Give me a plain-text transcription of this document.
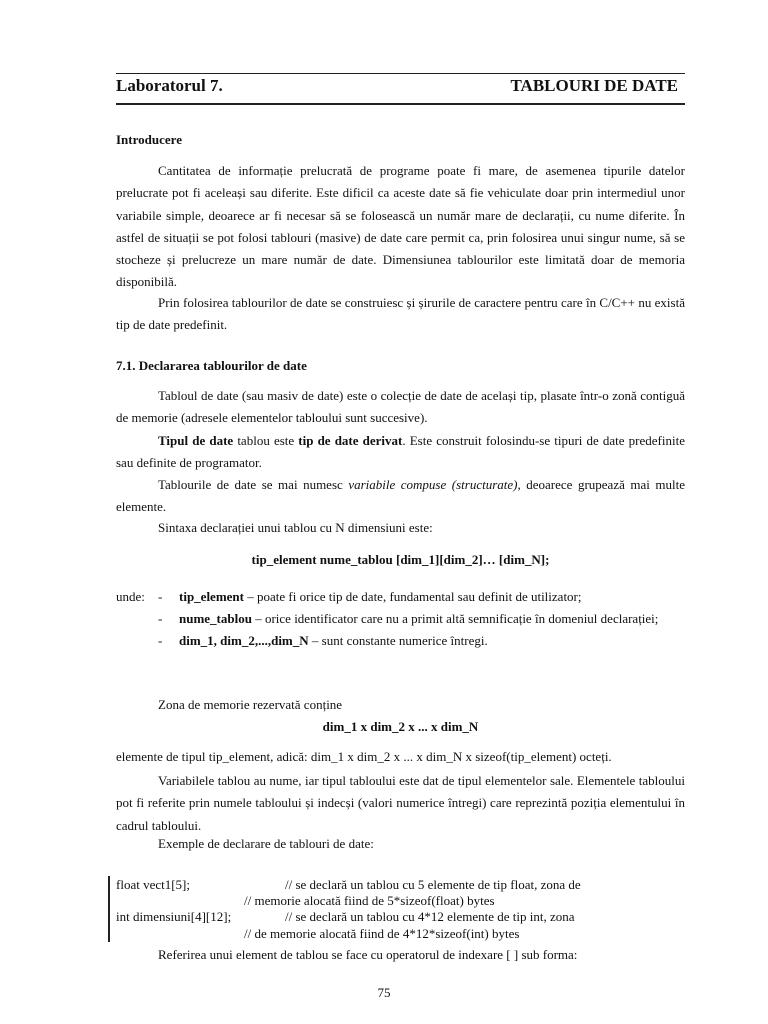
Laboratorul 7.	TABLOURI DE DATE
Introducere
Cantitatea de informație prelucrată de programe poate fi mare, de asemenea tipurile datelor prelucrate pot fi aceleași sau diferite. Este dificil ca aceste date să fie vehiculate doar prin intermediul unor variabile simple, deoarece ar fi necesar să se folosească un număr mare de declarații, cu nume diferite. În astfel de situații se pot folosi tablouri (masive) de date care permit ca, prin folosirea unui singur nume, să se stocheze și prelucreze un mare număr de date. Dimensiunea tablourilor este limitată doar de memoria disponibilă.
Prin folosirea tablourilor de date se construiesc și șirurile de caractere pentru care în C/C++ nu există tip de date predefinit.
7.1. Declararea tablourilor de date
Tabloul de date (sau masiv de date) este o colecție de date de același tip, plasate într-o zonă contiguă de memorie (adresele elementelor tabloului sunt succesive).
Tipul de date tablou este tip de date derivat. Este construit folosindu-se tipuri de date predefinite sau definite de programator.
Tablourile de date se mai numesc variabile compuse (structurate), deoarece grupează mai multe elemente.
Sintaxa declarației unui tablou cu N dimensiuni este:
tip_element nume_tablou [dim_1][dim_2]… [dim_N];
unde: - tip_element – poate fi orice tip de date, fundamental sau definit de utilizator;
- nume_tablou – orice identificator care nu a primit altă semnificație în domeniul declarației;
- dim_1, dim_2,...,dim_N – sunt constante numerice întregi.
Zona de memorie rezervată conține
dim_1 x dim_2 x ... x dim_N
elemente de tipul tip_element, adică: dim_1 x dim_2 x ... x dim_N x sizeof(tip_element) octeți.
Variabilele tablou au nume, iar tipul tabloului este dat de tipul elementelor sale. Elementele tabloului pot fi referite prin numele tabloului și indecși (valori numerice întregi) care reprezintă poziția elementului în cadrul tabloului.
Exemple de declarare de tablouri de date:
float vect1[5];	// se declară un tablou cu 5 elemente de tip float, zona de
// memorie alocată fiind de 5*sizeof(float) bytes
int dimensiuni[4][12];	// se declară un tablou cu 4*12 elemente de tip int, zona
// de memorie alocată fiind de 4*12*sizeof(int) bytes
Referirea unui element de tablou se face cu operatorul de indexare [ ] sub forma:
75
